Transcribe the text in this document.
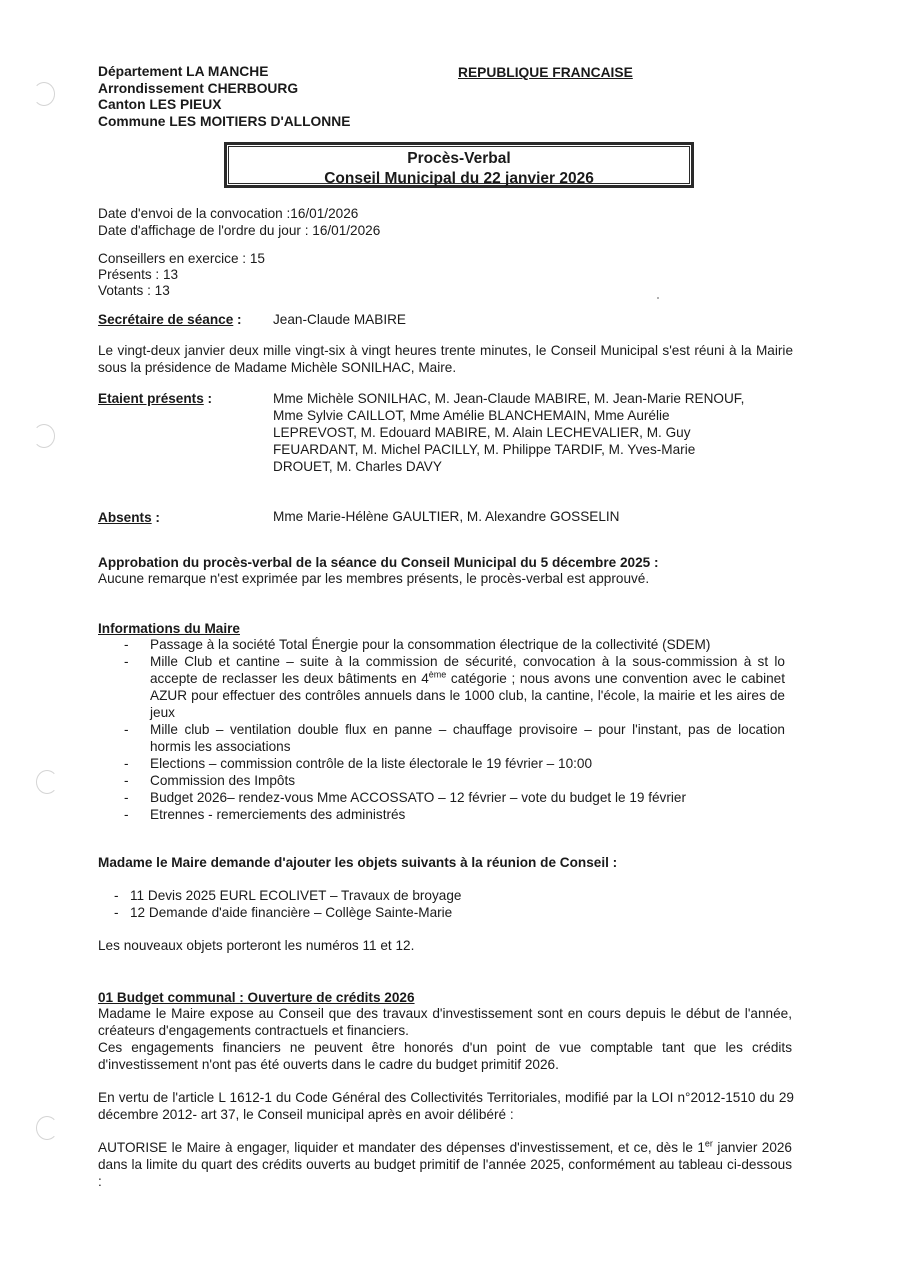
Département LA MANCHE
Arrondissement CHERBOURG
Canton LES PIEUX
Commune LES MOITIERS D'ALLONNE
REPUBLIQUE FRANCAISE
Procès-Verbal
Conseil Municipal du 22 janvier 2026
Date d'envoi de la convocation :16/01/2026
Date d'affichage de l'ordre du jour : 16/01/2026
Conseillers en exercice : 15
Présents : 13
Votants : 13
Secrétaire de séance : Jean-Claude MABIRE
Le vingt-deux janvier deux mille vingt-six à vingt heures trente minutes, le Conseil Municipal s'est réuni à la Mairie sous la présidence de Madame Michèle SONILHAC, Maire.
Etaient présents :	Mme Michèle SONILHAC, M. Jean-Claude MABIRE, M. Jean-Marie RENOUF,
Mme Sylvie CAILLOT, Mme Amélie BLANCHEMAIN, Mme Aurélie
LEPREVOST, M. Edouard MABIRE, M. Alain LECHEVALIER, M. Guy
FEUARDANT, M. Michel PACILLY, M. Philippe TARDIF, M. Yves-Marie
DROUET, M. Charles DAVY
Absents :	Mme Marie-Hélène GAULTIER, M. Alexandre GOSSELIN
Approbation du procès-verbal de la séance du Conseil Municipal du 5 décembre 2025 :
Aucune remarque n'est exprimée par les membres présents, le procès-verbal est approuvé.
Informations du Maire
- Passage à la société Total Énergie pour la consommation électrique de la collectivité (SDEM)
- Mille Club et cantine – suite à la commission de sécurité, convocation à la sous-commission à st lo accepte de reclasser les deux bâtiments en 4ème catégorie ; nous avons une convention avec le cabinet AZUR pour effectuer des contrôles annuels dans le 1000 club, la cantine, l'école, la mairie et les aires de jeux
- Mille club – ventilation double flux en panne – chauffage provisoire – pour l'instant, pas de location hormis les associations
- Elections – commission contrôle de la liste électorale le 19 février – 10:00
- Commission des Impôts
- Budget 2026– rendez-vous Mme ACCOSSATO – 12 février – vote du budget le 19 février
- Etrennes - remerciements des administrés
Madame le Maire demande d'ajouter les objets suivants à la réunion de Conseil :
- 11 Devis 2025 EURL ECOLIVET – Travaux de broyage
- 12 Demande d'aide financière – Collège Sainte-Marie
Les nouveaux objets porteront les numéros 11 et 12.
01 Budget communal : Ouverture de crédits 2026
Madame le Maire expose au Conseil que des travaux d'investissement sont en cours depuis le début de l'année, créateurs d'engagements contractuels et financiers.
Ces engagements financiers ne peuvent être honorés d'un point de vue comptable tant que les crédits d'investissement n'ont pas été ouverts dans le cadre du budget primitif 2026.
En vertu de l'article L 1612-1 du Code Général des Collectivités Territoriales, modifié par la LOI n°2012-1510 du 29 décembre 2012- art 37, le Conseil municipal après en avoir délibéré :
AUTORISE le Maire à engager, liquider et mandater des dépenses d'investissement, et ce, dès le 1er janvier 2026 dans la limite du quart des crédits ouverts au budget primitif de l'année 2025, conformément au tableau ci-dessous :
